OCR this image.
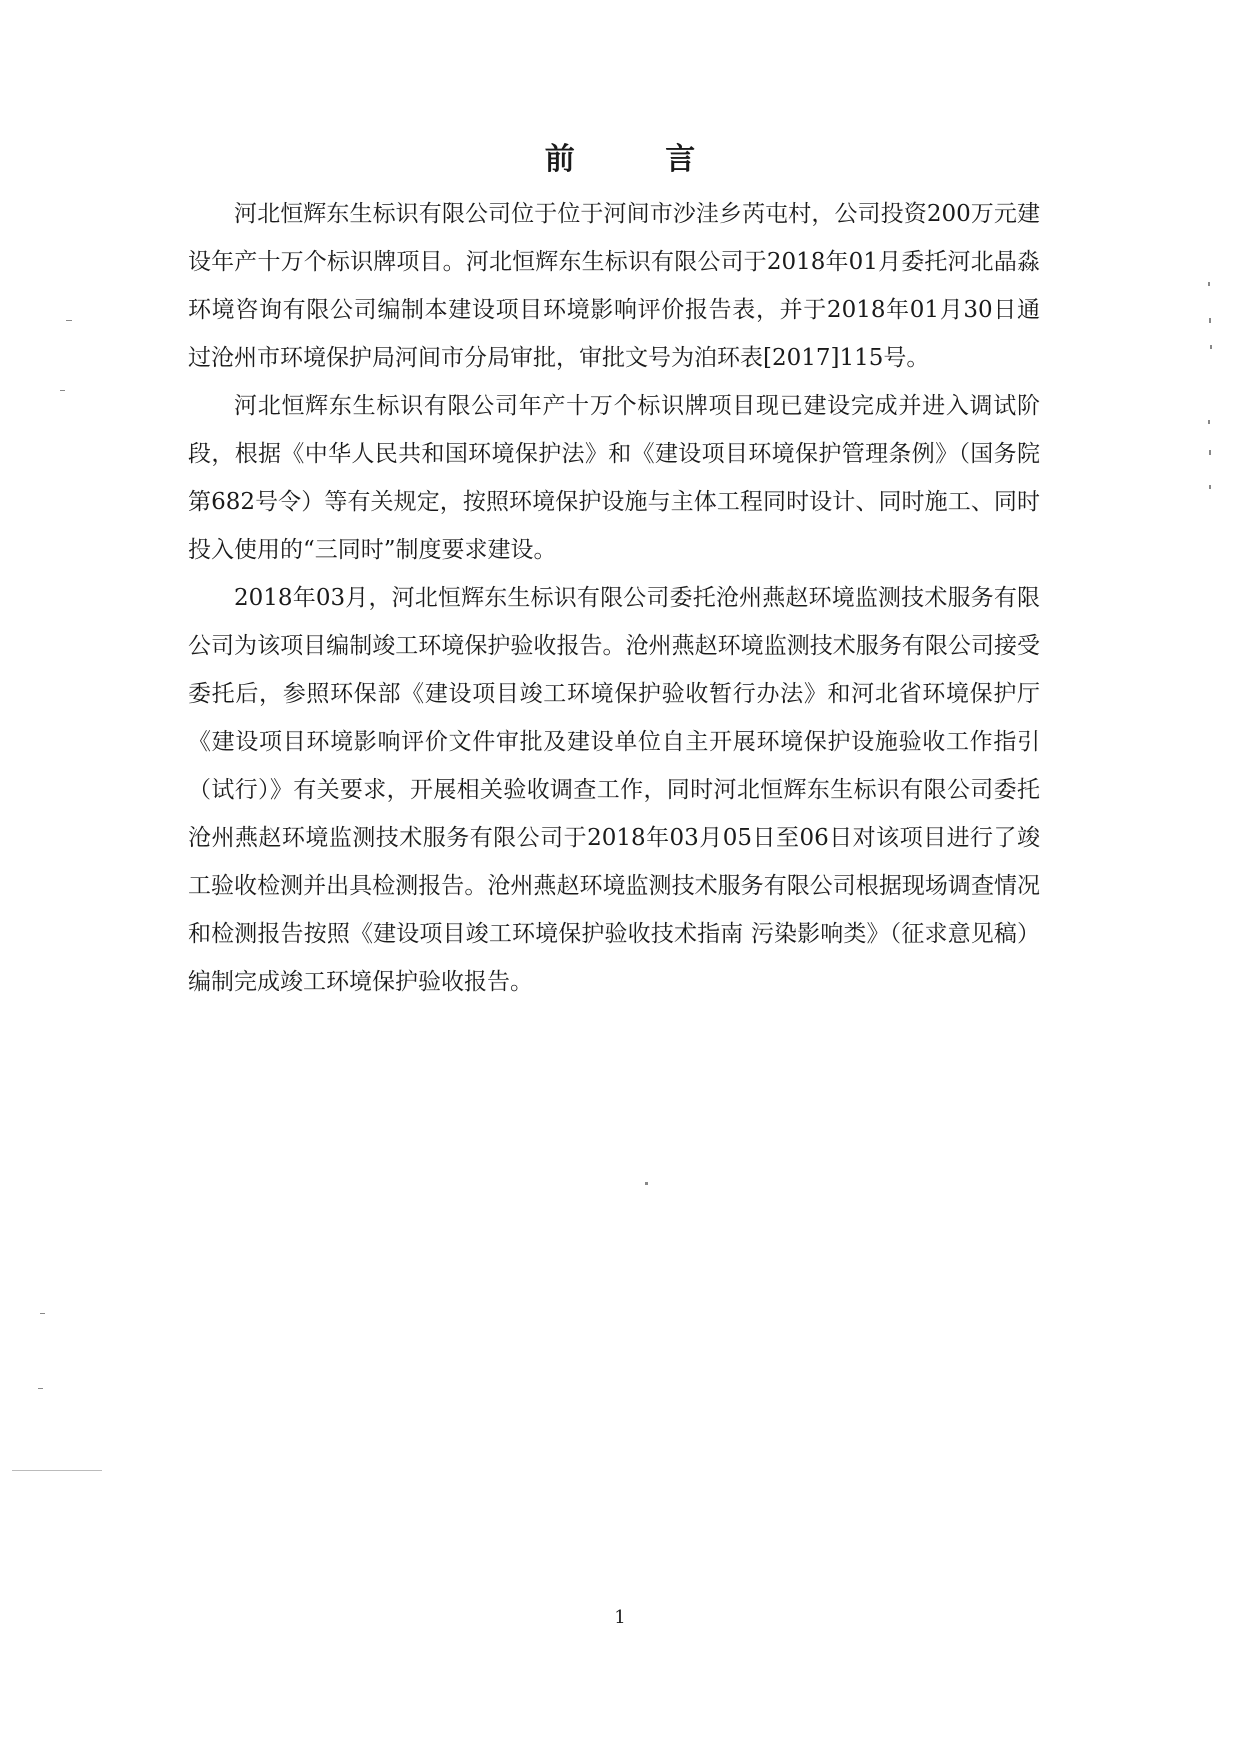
前 言

河北恒辉东生标识有限公司位于位于河间市沙洼乡芮屯村，公司投资200万元建设年产十万个标识牌项目。河北恒辉东生标识有限公司于2018年01月委托河北晶淼环境咨询有限公司编制本建设项目环境影响评价报告表，并于2018年01月30日通过沧州市环境保护局河间市分局审批，审批文号为泊环表[2017]115号。

河北恒辉东生标识有限公司年产十万个标识牌项目现已建设完成并进入调试阶段，根据《中华人民共和国环境保护法》和《建设项目环境保护管理条例》（国务院第682号令）等有关规定，按照环境保护设施与主体工程同时设计、同时施工、同时投入使用的“三同时”制度要求建设。

2018年03月，河北恒辉东生标识有限公司委托沧州燕赵环境监测技术服务有限公司为该项目编制竣工环境保护验收报告。沧州燕赵环境监测技术服务有限公司接受委托后，参照环保部《建设项目竣工环境保护验收暂行办法》和河北省环境保护厅《建设项目环境影响评价文件审批及建设单位自主开展环境保护设施验收工作指引（试行）》有关要求，开展相关验收调查工作，同时河北恒辉东生标识有限公司委托沧州燕赵环境监测技术服务有限公司于2018年03月05日至06日对该项目进行了竣工验收检测并出具检测报告。沧州燕赵环境监测技术服务有限公司根据现场调查情况和检测报告按照《建设项目竣工环境保护验收技术指南 污染影响类》（征求意见稿）编制完成竣工环境保护验收报告。

1
